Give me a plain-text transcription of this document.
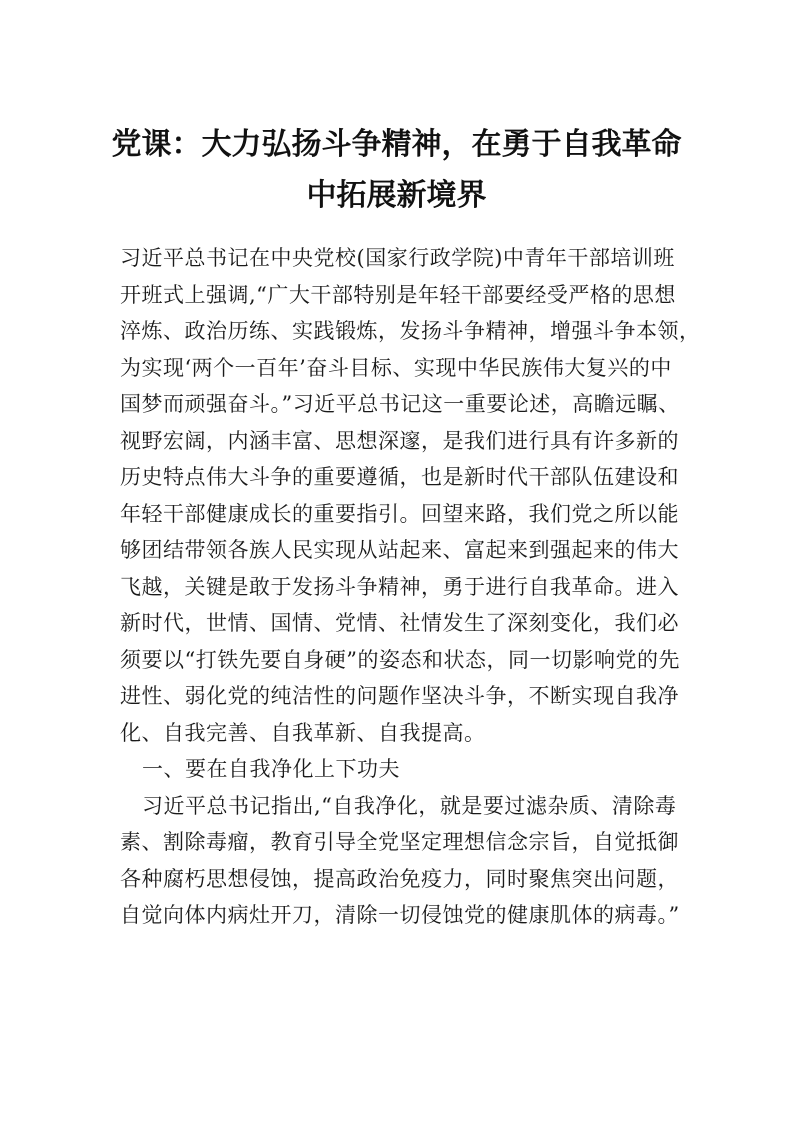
党课：大力弘扬斗争精神，在勇于自我革命
中拓展新境界
习近平总书记在中央党校(国家行政学院)中青年干部培训班
开班式上强调,“广大干部特别是年轻干部要经受严格的思想
淬炼、政治历练、实践锻炼，发扬斗争精神，增强斗争本领，
为实现‘两个一百年’奋斗目标、实现中华民族伟大复兴的中
国梦而顽强奋斗。”习近平总书记这一重要论述，高瞻远瞩、
视野宏阔，内涵丰富、思想深邃，是我们进行具有许多新的
历史特点伟大斗争的重要遵循，也是新时代干部队伍建设和
年轻干部健康成长的重要指引。回望来路，我们党之所以能
够团结带领各族人民实现从站起来、富起来到强起来的伟大
飞越，关键是敢于发扬斗争精神，勇于进行自我革命。进入
新时代，世情、国情、党情、社情发生了深刻变化，我们必
须要以“打铁先要自身硬”的姿态和状态，同一切影响党的先
进性、弱化党的纯洁性的问题作坚决斗争，不断实现自我净
化、自我完善、自我革新、自我提高。
一、要在自我净化上下功夫
习近平总书记指出,“自我净化，就是要过滤杂质、清除毒
素、割除毒瘤，教育引导全党坚定理想信念宗旨，自觉抵御
各种腐朽思想侵蚀，提高政治免疫力，同时聚焦突出问题，
自觉向体内病灶开刀，清除一切侵蚀党的健康肌体的病毒。”
